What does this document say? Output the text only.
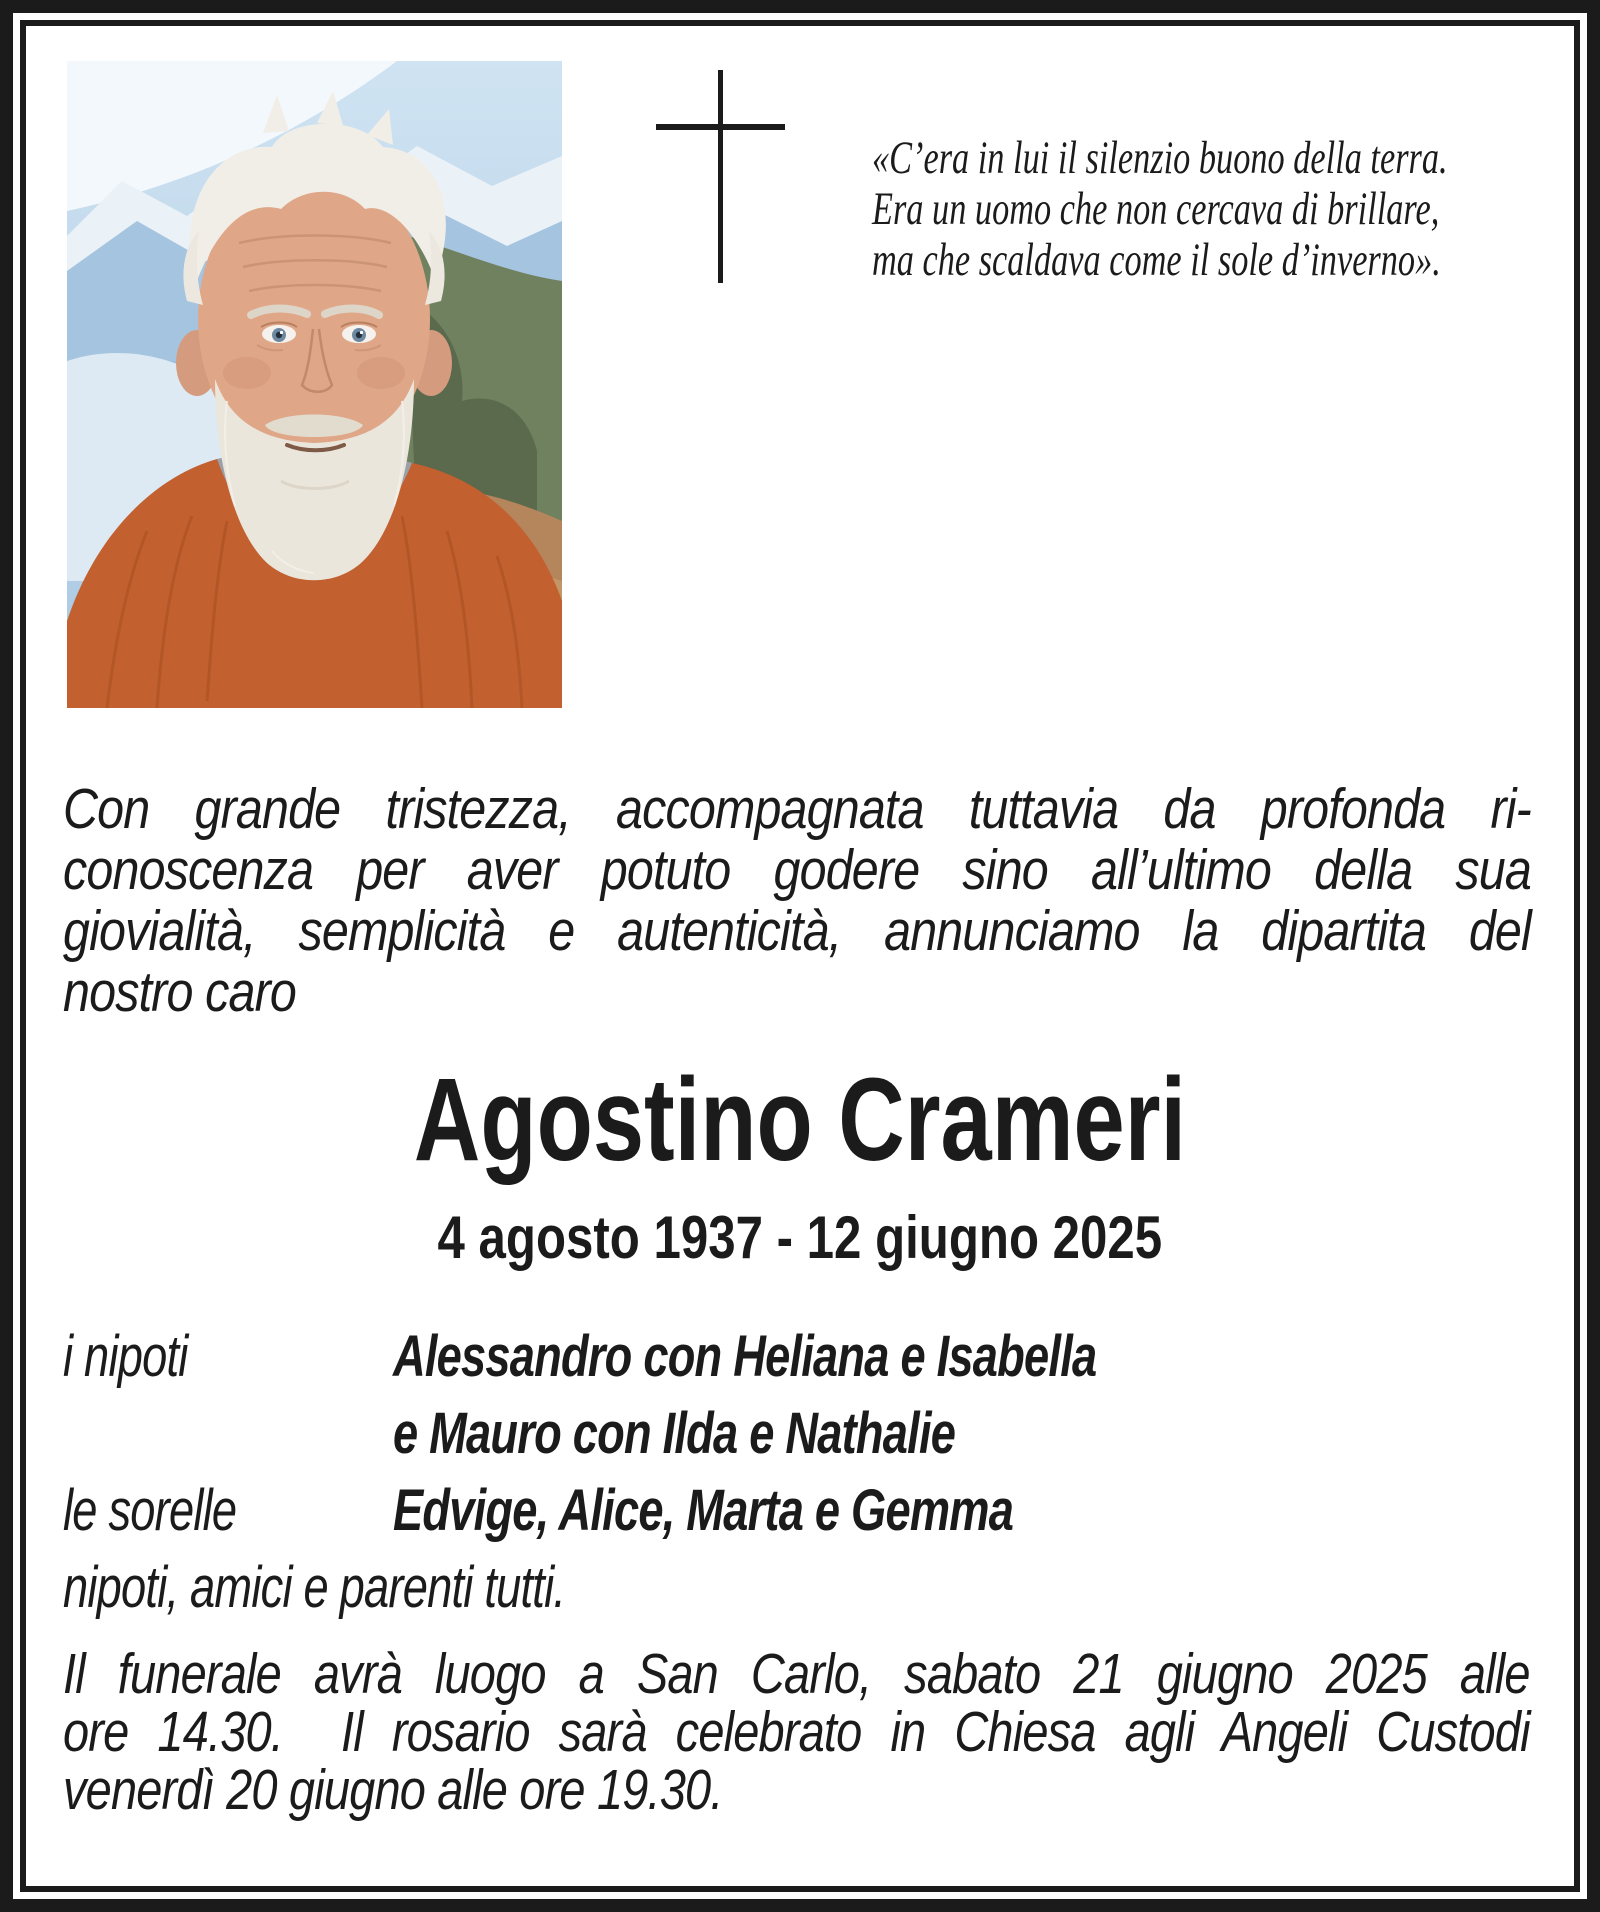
«C’era in lui il silenzio buono della terra.
Era un uomo che non cercava di brillare,
ma che scaldava come il sole d’inverno».
Con grande tristezza, accompagnata tuttavia da profonda ri-
conoscenza per aver potuto godere sino all’ultimo della sua
giovialità, semplicità e autenticità, annunciamo la dipartita del
nostro caro
Agostino Crameri
4 agosto 1937 - 12 giugno 2025
i nipoti	Alessandro con Heliana e Isabella
e Mauro con Ilda e Nathalie
le sorelle	Edvige, Alice, Marta e Gemma
nipoti, amici e parenti tutti.
Il funerale avrà luogo a San Carlo, sabato 21 giugno 2025 alle
ore 14.30.  Il rosario sarà celebrato in Chiesa agli Angeli Custodi
venerdì 20 giugno alle ore 19.30.
